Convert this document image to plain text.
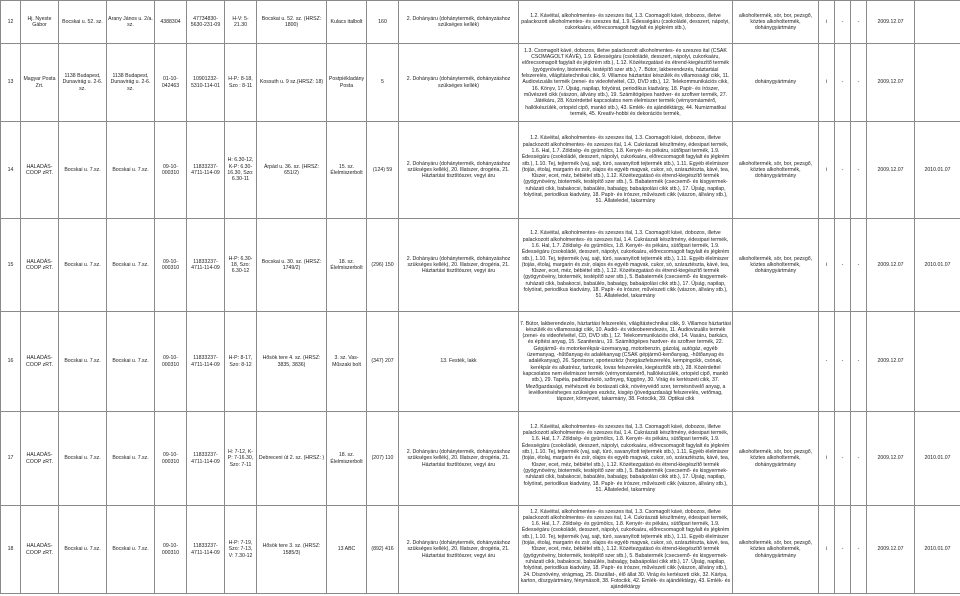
12	Hj. Nyeste Gábor	Bocskai u. 52. sz.	Arany János u. 2/a. sz.	4388304	47734830-5630-231-09	H-V: 5-21.30	Bocskai u. 52. sz. (HRSZ: 1800)	Kulacs italbolt	160	2. Dohányáru (dohánytermék, dohányzáshoz szükséges kellék)	1.2. Kávéital, alkoholmentes- és szeszes ital, 1.3. Csomagolt kávé, dobozos, illetve palackozott alkoholmentes- és szeszes ital, 1.9. Édességáru (csokoládé, desszert, nápolyi, cukorkaáru, előrecsomagolt fagylalt és jégkrém stb.),	alkoholtermék, sör, bor, pezsgő, köztes alkoholtermék, dohánygyártmány	i	-	-	2009.12.07	
13	Magyar Posta Zrt.	1138 Budapest, Dunavirág u. 2-6. sz.	1138 Budapest, Dunavirág u. 2-6. sz.	01-10-042463	10901232-5310-114-01	H-P.: 8-18, Szo : 8-11	Kossuth u. 9 sz.(HRSZ: 18)	Postpiékladány Posta	5	2. Dohányáru (dohánytermék, dohányzáshoz szükséges kellék)	1.3. Csomagolt kávé, dobozos, illetve palackozott alkoholmentes- és szeszes ital (CSAK CSOMAGOLT KÁVÉ), 1.9. Édességáru (csokoládé, desszert, nápolyi, cukorkaáru, előrecsomagolt fagylalt és jégkrém stb.), 1.12. Közétezgatásó és étrend-kiegészítő termék (gyógynövény, biotermék, testépítő szer stb.), 7. Bútor, lakberendezés, háztartási felszerelés, világítástechnikai cikk, 9. Villamos háztartási készülék és villamossági cikk, 11. Audiovizuális termék (zenei- és videofelvétel, CD, DVD stb.), 12. Telekommunikációs cikk, 16. Könyv, 17. Újság, napilap, folyóirat, periodikus kiadvány, 18. Papír- és írószer, művészeti cikk (vászon, állvány stb.), 19. Számítógépes hardver- és szoftver termék, 27. Játékáru, 28. Közérdettel kapcsolatos nem élelmiszer termék (vérnyomásmérő, hallókészülék, ortopéd cipő, mankó stb.), 43. Emlék- és ajándéktárgy, 44. Numizmatikai termék, 45. Kreatív-hobbi és dekorációs termék,	dohánygyártmány	i	-	-	2009.12.07	
14	HALADÁS-COOP zRT.	Bocskai u. 7.sz.	Bocskai u. 7.sz.	09-10-000310	11833237-4711-114-09	H: 6.30-12, K-P: 6.30-16.30, Szo: 6.30-11	Árpád u. 36. sz. (HRSZ: 651/2)	15. sz. Élelmiszerbolt	(124) 59	2. Dohányáru (dohánytermék, dohányzáshoz szükséges kellék), 20. Illatszer, drogéria, 21. Háztartási tisztítószer, vegyi áru	1.2. Kávéital, alkoholmentes- és szeszes ital, 1.3. Csomagolt kávé, dobozos, illetve palackozott alkoholmentes- és szeszes ital, 1.4. Cukrászati készítmény, édesipari termék, 1.6. Hal, 1.7. Zöldség- és gyümölcs, 1.8. Kenyér- és pékáru, sütőipari termék, 1.9. Édességáru (csokoládé, desszert, nápolyi, cukorkaáru, előrecsomagolt fagylalt és jégkrém stb.), 1.10. Tej, tejtermék (vaj, sajt, túró, savanyított tejtermék stb.), 1.11. Egyéb élelmiszer (tojás, étolaj, margarin és zsír, olajos és egyéb magvak, cukor, só, száraztészta, kávé, tea, fűszer, ecet, méz, bébiétel stb.), 1.12. Közétezgatásó és étrend-kiegészítő termék (gyógynövény, biotermék, testépítő szer stb.), 5. Babatermék (csecsemő- és kisgyermek-ruházati cikk, babakocsi, babaülés, babaágy, babaápolási cikk stb.), 17. Újság, napilap, folyóirat, periodikus kiadvány, 18. Papír- és írószer, művészeti cikk (vászon, állvány stb.), 51. Állateledel, takarmány	alkoholtermék, sör, bor, pezsgő, köztes alkoholtermék, dohánygyártmány	i	-	-	2009.12.07	2010.01.07
15	HALADÁS-COOP zRT.	Bocskai u. 7.sz.	Bocskai u. 7.sz.	09-10-000310	11833237-4711-114-09	H-P: 6.30-18, Szo: 6.30-12	Bocskai u. 30. sz. (HRSZ: 1749/2)	18. sz. Élelmiszerbolt	(296) 150	2. Dohányáru (dohánytermék, dohányzáshoz szükséges kellék), 20. Illatszer, drogéria, 21. Háztartási tisztítószer, vegyi áru	1.2. Kávéital, alkoholmentes- és szeszes ital, 1.3. Csomagolt kávé, dobozos, illetve palackozott alkoholmentes- és szeszes ital, 1.4. Cukrászati készítmény, édesipari termék, 1.6. Hal, 1.7. Zöldség- és gyümölcs, 1.8. Kenyér- és pékáru, sütőipari termék, 1.9. Édességáru (csokoládé, desszert, nápolyi, cukorkaáru, előrecsomagolt fagylalt és jégkrém stb.), 1.10. Tej, tejtermék (vaj, sajt, túró, savanyított tejtermék stb.), 1.11. Egyéb élelmiszer (tojás, étolaj, margarin és zsír, olajos és egyéb magvak, cukor, só, száraztészta, kávé, tea, fűszer, ecet, méz, bébiétel stb.), 1.12. Közétezgatásó és étrend-kiegészítő termék (gyógynövény, biotermék, testépítő szer stb.), 5. Babatermék (csecsemő- és kisgyermek-ruházati cikk, babakocsi, babaülés, babaágy, babaápolási cikk stb.), 17. Újság, napilap, folyóirat, periodikus kiadvány, 18. Papír- és írószer, művészeti cikk (vászon, állvány stb.), 51. Állateledel, takarmány	alkoholtermék, sör, bor, pezsgő, köztes alkoholtermék, dohánygyártmány	i	-	-	2009.12.07	2010.01.07
16	HALADÁS-COOP zRT.	Bocskai u. 7.sz.	Bocskai u. 7.sz.	09-10-000310	11833237-4711-114-09	H-P: 8-17, Szo: 8-12	Hősök tere 4. sz. (HRSZ: 3835, 3836)	3. sz. Vas-Műszaki bolt	(347) 207	13. Festék, lakk	7. Bútor, lakberendezés, háztartási felszerelés, világítástechnikai cikk, 9. Villamos háztartási készülék és villamossági cikk, 10. Audió- és videoberendezés, 11. Audiovizuális termék (zenei- és videofelvétel, CD, DVD stb.), 12. Telekommunikációs cikk, 14. Vasáru, barkács, és építési anyag, 15. Szaniteráru, 19. Számítógépes hardver- és szoftver termék, 22. Gépjármű- és motorkerékpár-üzemanyag, motorbenzin, gázolaj, autógáz, egyéb üzemanyag, -hűtőanyag és adalékanyag (CSAK gépjármű-kenőanyag, -hűtőanyag és adalékanyag), 26. Sportszer, sporteszköz (horgászfelszerelés, kempingcikk, csónak, kerékpár és alkatrész, tartozék, lovas felszerelés, kiegészítők stb.), 28. Közérdettel kapcsolatos nem élelmiszer termék (vérnyomásmérő, hallókészülék, ortopéd cipő, mankó stb.), 29. Tapéta, padlóburkoló, szőnyeg, függöny, 30. Virág és kertészeti cikk, 37. Mezőgazdasági, méhészeti és borászati cikk, növényvédő szer, termésnövelő anyag, a levélkerésésheges szükséges eszköz, kisgép (jövedgazdasági felszerelés, vetőmag, tápszer, környezet, takarmány, 38. Fotocikk, 39. Optikai cikk		-	-	-	2009.12.07	
17	HALADÁS-COOP zRT.	Bocskai u. 7.sz.	Bocskai u. 7.sz.	09-10-000310	11833237-4711-114-09	H: 7-12, K-P: 7-16.30, Szo: 7-11	Debreceni út 2. sz. (HRSZ: )	18. sz. Élelmiszerbolt	(207) 110	2. Dohányáru (dohánytermék, dohányzáshoz szükséges kellék), 20. Illatszer, drogéria, 21. Háztartási tisztítószer, vegyi áru	1.2. Kávéital, alkoholmentes- és szeszes ital, 1.3. Csomagolt kávé, dobozos, illetve palackozott alkoholmentes- és szeszes ital, 1.4. Cukrászati készítmény, édesipari termék, 1.6. Hal, 1.7. Zöldség- és gyümölcs, 1.8. Kenyér- és pékáru, sütőipari termék, 1.9. Édességáru (csokoládé, desszert, nápolyi, cukorkaáru, előrecsomagolt fagylalt és jégkrém stb.), 1.10. Tej, tejtermék (vaj, sajt, túró, savanyított tejtermék stb.), 1.11. Egyéb élelmiszer (tojás, étolaj, margarin és zsír, olajos és egyéb magvak, cukor, só, száraztészta, kávé, tea, fűszer, ecet, méz, bébiétel stb.), 1.12. Közétezgatásó és étrend-kiegészítő termék (gyógynövény, biotermék, testépítő szer stb.), 5. Babatermék (csecsemő- és kisgyermek-ruházati cikk, babakocsi, babaülés, babaágy, babaápolási cikk stb.), 17. Újság, napilap, folyóirat, periodikus kiadvány, 18. Papír- és írószer, művészeti cikk (vászon, állvány stb.), 51. Állateledel, takarmány	alkoholtermék, sör, bor, pezsgő, köztes alkoholtermék, dohánygyártmány	i	-	-	2009.12.07	2010.01.07
18	HALADÁS-COOP zRT.	Bocskai u. 7.sz.	Bocskai u. 7.sz.	09-10-000310	11833237-4711-114-09	H-P: 7-19, Szo: 7-13, V: 7.30-12	Hősök tere 3. sz. (HRSZ: 1585/3)	13 ABC	(892) 416	2. Dohányáru (dohánytermék, dohányzáshoz szükséges kellék), 20. Illatszer, drogéria, 21. Háztartási tisztítószer, vegyi áru	1.2. Kávéital, alkoholmentes- és szeszes ital, 1.3. Csomagolt kávé, dobozos, illetve palackozott alkoholmentes- és szeszes ital, 1.4. Cukrászati készítmény, édesipari termék, 1.6. Hal, 1.7. Zöldség- és gyümölcs, 1.8. Kenyér- és pékáru, sütőipari termék, 1.9. Édességáru (csokoládé, desszert, nápolyi, cukorkaáru, előrecsomagolt fagylalt és jégkrém stb.), 1.10. Tej, tejtermék (vaj, sajt, túró, savanyított tejtermék stb.), 1.11. Egyéb élelmiszer (tojás, étolaj, margarin és zsír, olajos és egyéb magvak, cukor, só, száraztészta, kávé, tea, fűszer, ecet, méz, bébiétel stb.), 1.12. Közétezgatásó és étrend-kiegészítő termék (gyógynövény, biotermék, testépítő szer stb.), 5. Babatermék (csecsemő- és kisgyermek-ruházati cikk, babakocsi, babaülés, babaágy, babaápolási cikk stb.), 17. Újság, napilap, folyóirat, periodikus kiadvány, 18. Papír- és írószer, művészeti cikk (vászon, állvány stb.), 24. Dísznövény, virágmag, 25. Diszállat-, élő állat 30. Virág és kertészeti cikk, 32. Kártya, karton, díszgyártmány, fénymásolt, 38. Fotocikk, 42. Emlék- és ajándéktárgy, 43. Emlék- és ajándéktárgy	alkoholtermék, sör, bor, pezsgő, köztes alkoholtermék, dohánygyártmány	i	-	-	2009.12.07	2010.01.07
